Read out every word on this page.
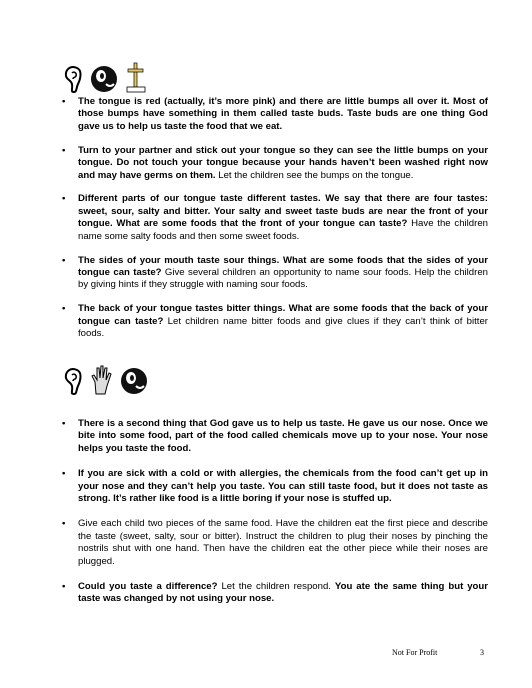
• The tongue is red (actually, it’s more pink) and there are little bumps all over it. Most of those bumps have something in them called taste buds. Taste buds are one thing God gave us to help us taste the food that we eat.
• Turn to your partner and stick out your tongue so they can see the little bumps on your tongue. Do not touch your tongue because your hands haven’t been washed right now and may have germs on them. Let the children see the bumps on the tongue.
• Different parts of our tongue taste different tastes. We say that there are four tastes: sweet, sour, salty and bitter. Your salty and sweet taste buds are near the front of your tongue. What are some foods that the front of your tongue can taste? Have the children name some salty foods and then some sweet foods.
• The sides of your mouth taste sour things. What are some foods that the sides of your tongue can taste? Give several children an opportunity to name sour foods. Help the children by giving hints if they struggle with naming sour foods.
• The back of your tongue tastes bitter things. What are some foods that the back of your tongue can taste? Let children name bitter foods and give clues if they can’t think of bitter foods.
• There is a second thing that God gave us to help us taste. He gave us our nose. Once we bite into some food, part of the food called chemicals move up to your nose. Your nose helps you taste the food.
• If you are sick with a cold or with allergies, the chemicals from the food can’t get up in your nose and they can’t help you taste. You can still taste food, but it does not taste as strong. It’s rather like food is a little boring if your nose is stuffed up.
• Give each child two pieces of the same food. Have the children eat the first piece and describe the taste (sweet, salty, sour or bitter). Instruct the children to plug their noses by pinching the nostrils shut with one hand. Then have the children eat the other piece while their noses are plugged.
• Could you taste a difference? Let the children respond. You ate the same thing but your taste was changed by not using your nose.
Not For Profit	3
